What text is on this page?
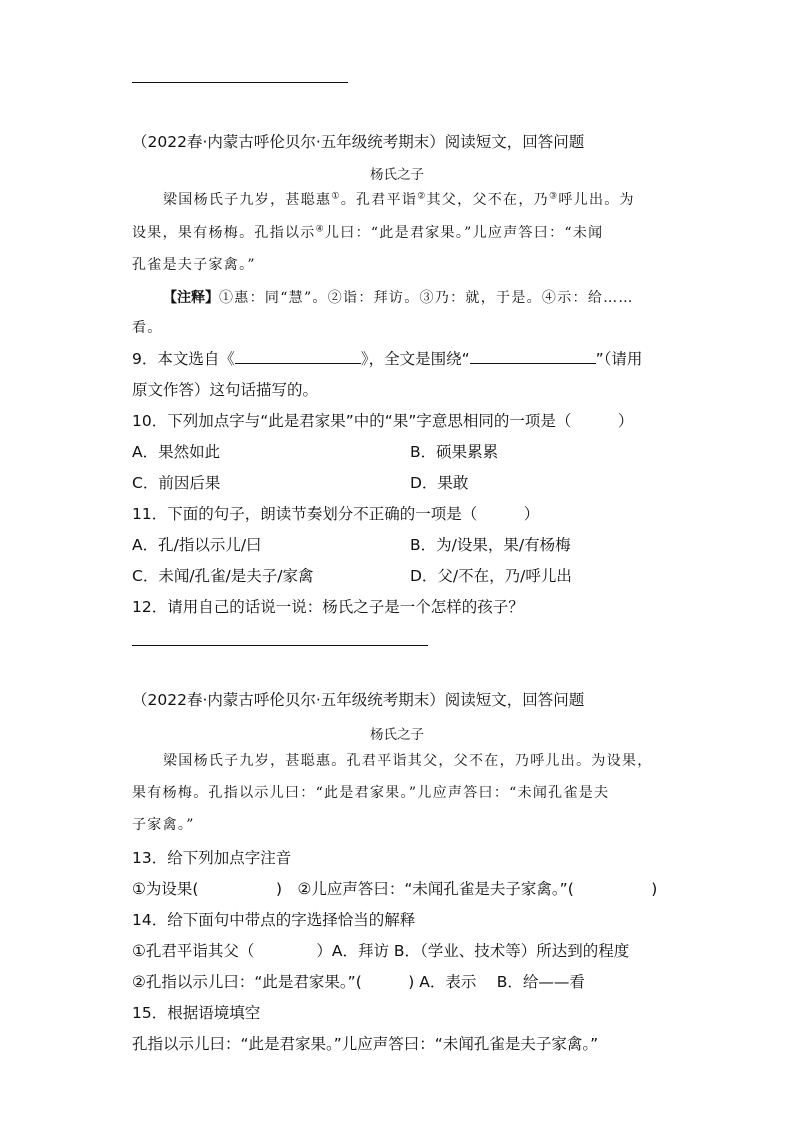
（2022春·内蒙古呼伦贝尔·五年级统考期末）阅读短文，回答问题
杨氏之子
梁国杨氏子九岁，甚聪惠①。孔君平诣②其父，父不在，乃③呼儿出。为
设果，果有杨梅。孔指以示④儿曰：“此是君家果。”儿应声答曰：“未闻
孔雀是夫子家禽。”
【注释】①惠：同“慧”。②诣：拜访。③乃：就，于是。④示：给……
看。
9．本文选自《	》，全文是围绕“	”（请用
原文作答）这句话描写的。
10．下列加点字与“此是君家果”中的“果”字意思相同的一项是（　　　）
A．果然如此	B．硕果累累
C．前因后果	D．果敢
11．下面的句子，朗读节奏划分不正确的一项是（　　　）
A．孔/指以示儿/曰	B．为/设果，果/有杨梅
C．未闻/孔雀/是夫子/家禽	D．父/不在，乃/呼儿出
12．请用自己的话说一说：杨氏之子是一个怎样的孩子？
（2022春·内蒙古呼伦贝尔·五年级统考期末）阅读短文，回答问题
杨氏之子
梁国杨氏子九岁，甚聪惠。孔君平诣其父，父不在，乃呼儿出。为设果，
果有杨梅。孔指以示儿曰：“此是君家果。”儿应声答曰：“未闻孔雀是夫
子家禽。”
13．给下列加点字注音
①为设果(　　　　　)　②儿应声答曰：“未闻孔雀是夫子家禽。”(　　　　　)
14．给下面句中带点的字选择恰当的解释
①孔君平诣其父（　　　　）A．拜访 B．（学业、技术等）所达到的程度
②孔指以示儿曰：“此是君家果。”(　　　) A．表示　 B．给——看
15．根据语境填空
孔指以示儿曰：“此是君家果。”儿应声答曰：“未闻孔雀是夫子家禽。”
